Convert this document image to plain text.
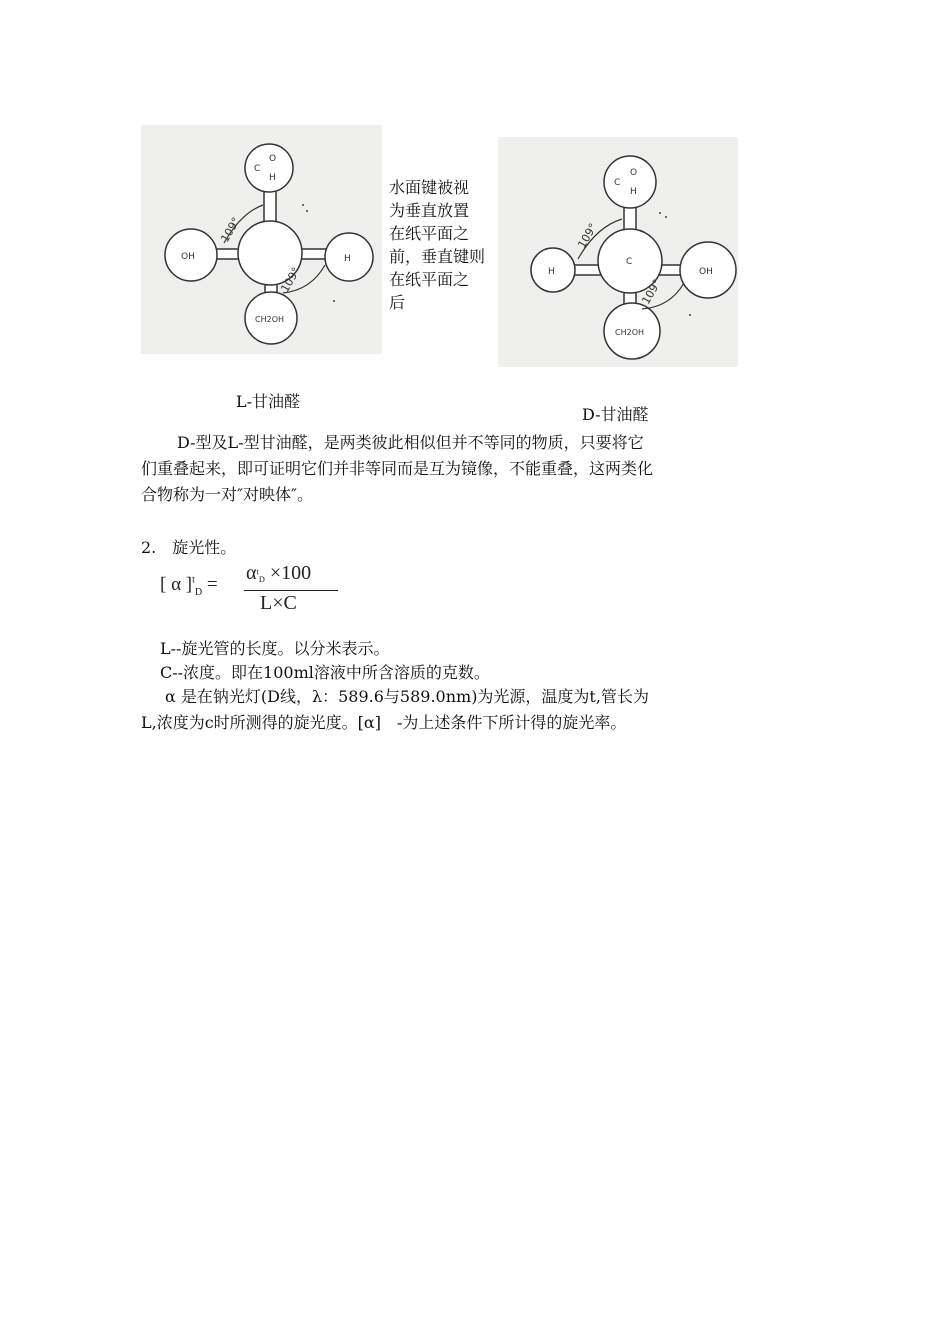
C
O
H
OH	H
CH2OH
109°
109°
水面键被视
为垂直放置
在纸平面之
前，垂直键则
在纸平面之
后
C
O
H
C
H	OH
CH2OH
109°
109°
L-甘油醛
D-甘油醛
D-型及L-型甘油醛，是两类彼此相似但并不等同的物质，只要将它
们重叠起来，即可证明它们并非等同而是互为镜像，不能重叠，这两类化
合物称为一对″对映体″。
2.　旋光性。
[ α ]$^t_D$ =
$\alpha^t_D \times 100$
L×C
L--旋光管的长度。以分米表示。
C--浓度。即在100ml溶液中所含溶质的克数。
α 是在钠光灯(D线，λ：589.6与589.0nm)为光源，温度为t,管长为
L,浓度为c时所测得的旋光度。[α]　-为上述条件下所计得的旋光率。
